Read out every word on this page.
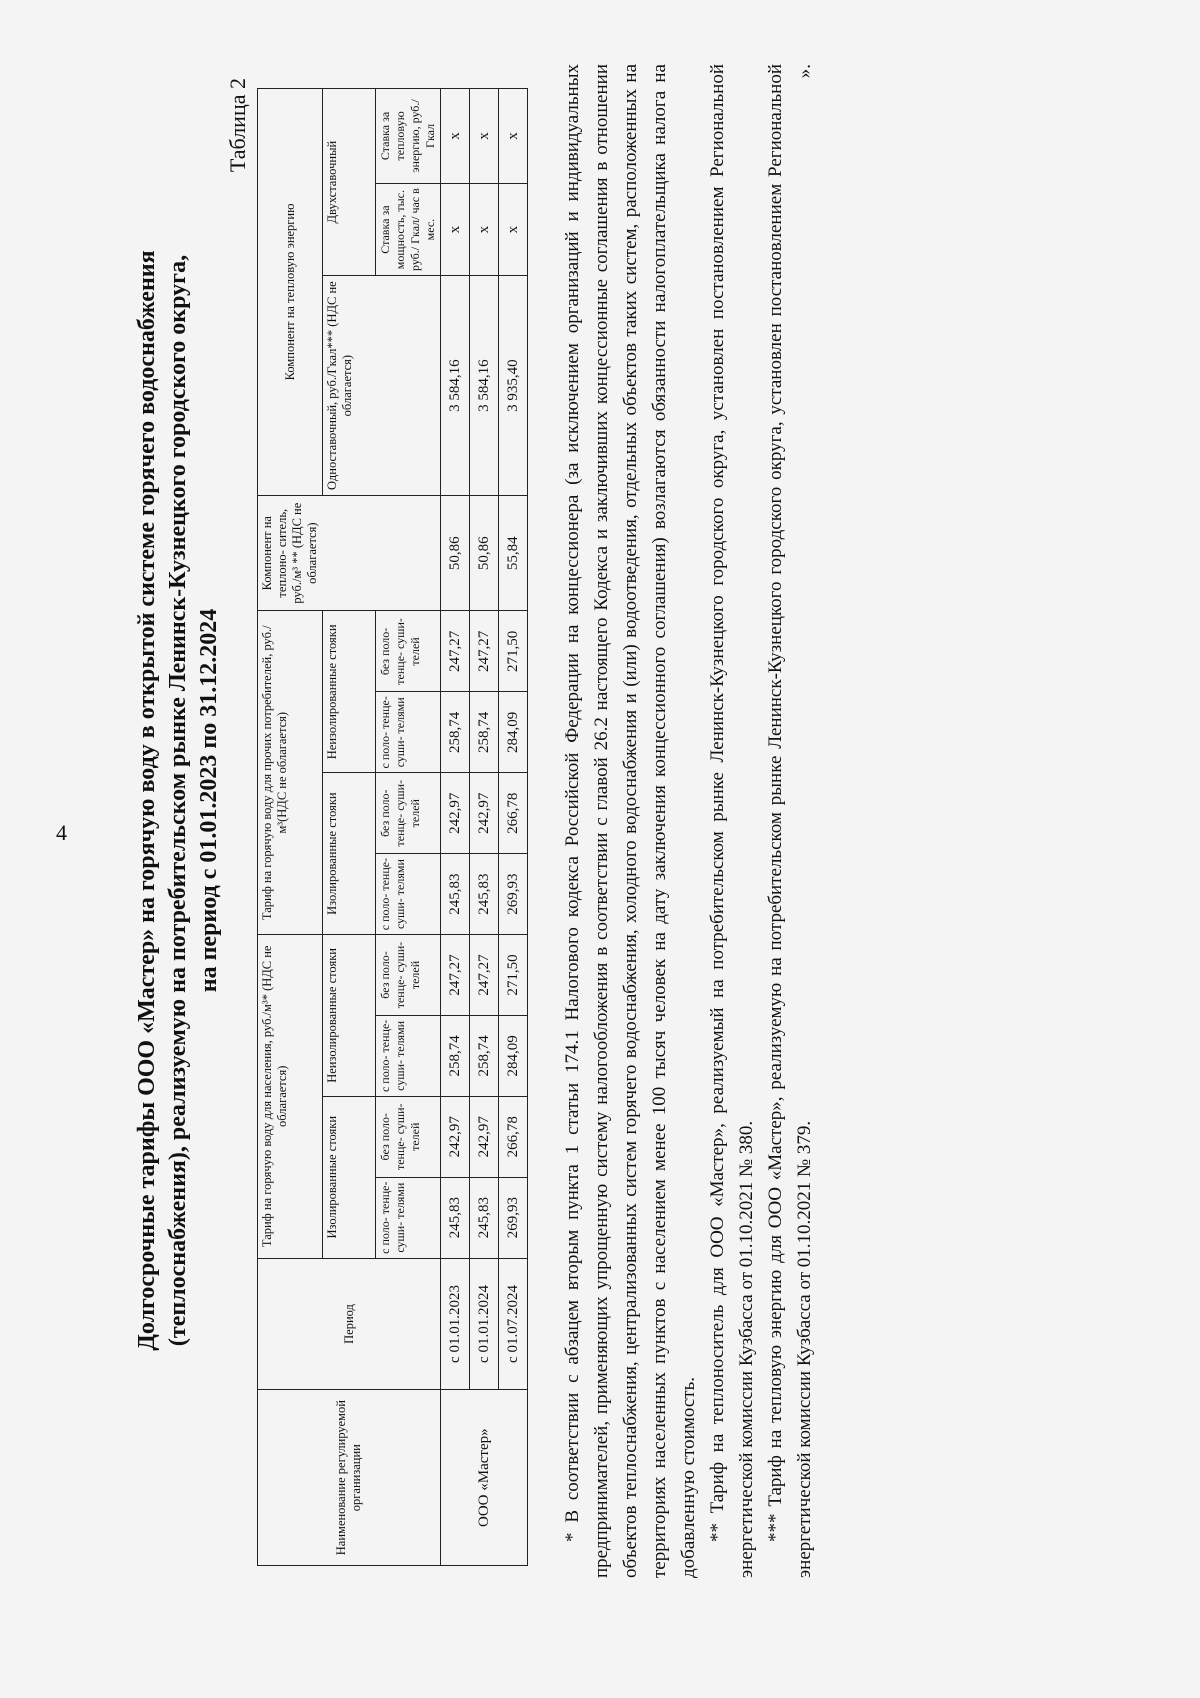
4	Долгосрочные тарифы ООО «Мастер» на горячую воду в открытой системе горячего водоснабжения (теплоснабжения), реализуемую на потребительском рынке Ленинск-Кузнецкого городского округа, на период с 01.01.2023 по 31.12.2024
Таблица 2
Наименование регулируемой организации	Период	Тариф на горячую воду для населения, руб./м³* (НДС не облагается)				Тариф на горячую воду для прочих потребителей, руб./м³(НДС не облагается)				Компонент на теплоно- ситель, руб./м³ ** (НДС не облагается)	Компонент на тепловую энергию		
		Изолированные стояки		Неизолированные стояки		Изолированные стояки		Неизолированные стояки			Одноставочный, руб./Гкал*** (НДС не облагается)	Двухставочный	
		с поло- тенце- суши- телями	без поло- тенце- суши- телей	с поло- тенце- суши- телями	без поло- тенце- суши- телей	с поло- тенце- суши- телями	без поло- тенце- суши- телей	с поло- тенце- суши- телями	без поло- тенце- суши- телей			Ставка за мощность, тыс. руб./ Гкал/ час в мес.	Ставка за тепловую энергию, руб./Гкал
ООО «Мастер»	с 01.01.2023	245,83	242,97	258,74	247,27	245,83	242,97	258,74	247,27	50,86	3 584,16	х	х
	с 01.01.2024	245,83	242,97	258,74	247,27	245,83	242,97	258,74	247,27	50,86	3 584,16	х	х
	с 01.07.2024	269,93	266,78	284,09	271,50	269,93	266,78	284,09	271,50	55,84	3 935,40	х	х * В соответствии с абзацем вторым пункта 1 статьи 174.1 Налогового кодекса Российской Федерации на концессионера (за исключением организаций и индивидуальных предпринимателей, применяющих упрощенную систему налогообложения в соответствии с главой 26.2 настоящего Кодекса и заключивших концессионные соглашения в отношении объектов теплоснабжения, централизованных систем горячего водоснабжения, холодного водоснабжения и (или) водоотведения, отдельных объектов таких систем, расположенных на территориях населенных пунктов с населением менее 100 тысяч человек на дату заключения концессионного соглашения) возлагаются обязанности налогоплательщика налога на добавленную стоимость. ** Тариф на теплоноситель для ООО «Мастер», реализуемый на потребительском рынке Ленинск-Кузнецкого городского округа, установлен постановлением Региональной энергетической комиссии Кузбасса от 01.10.2021 № 380. *** Тариф на тепловую энергию для ООО «Мастер», реализуемую на потребительском рынке Ленинск-Кузнецкого городского округа, установлен постановлением Региональной энергетической комиссии Кузбасса от 01.10.2021 № 379.
».
